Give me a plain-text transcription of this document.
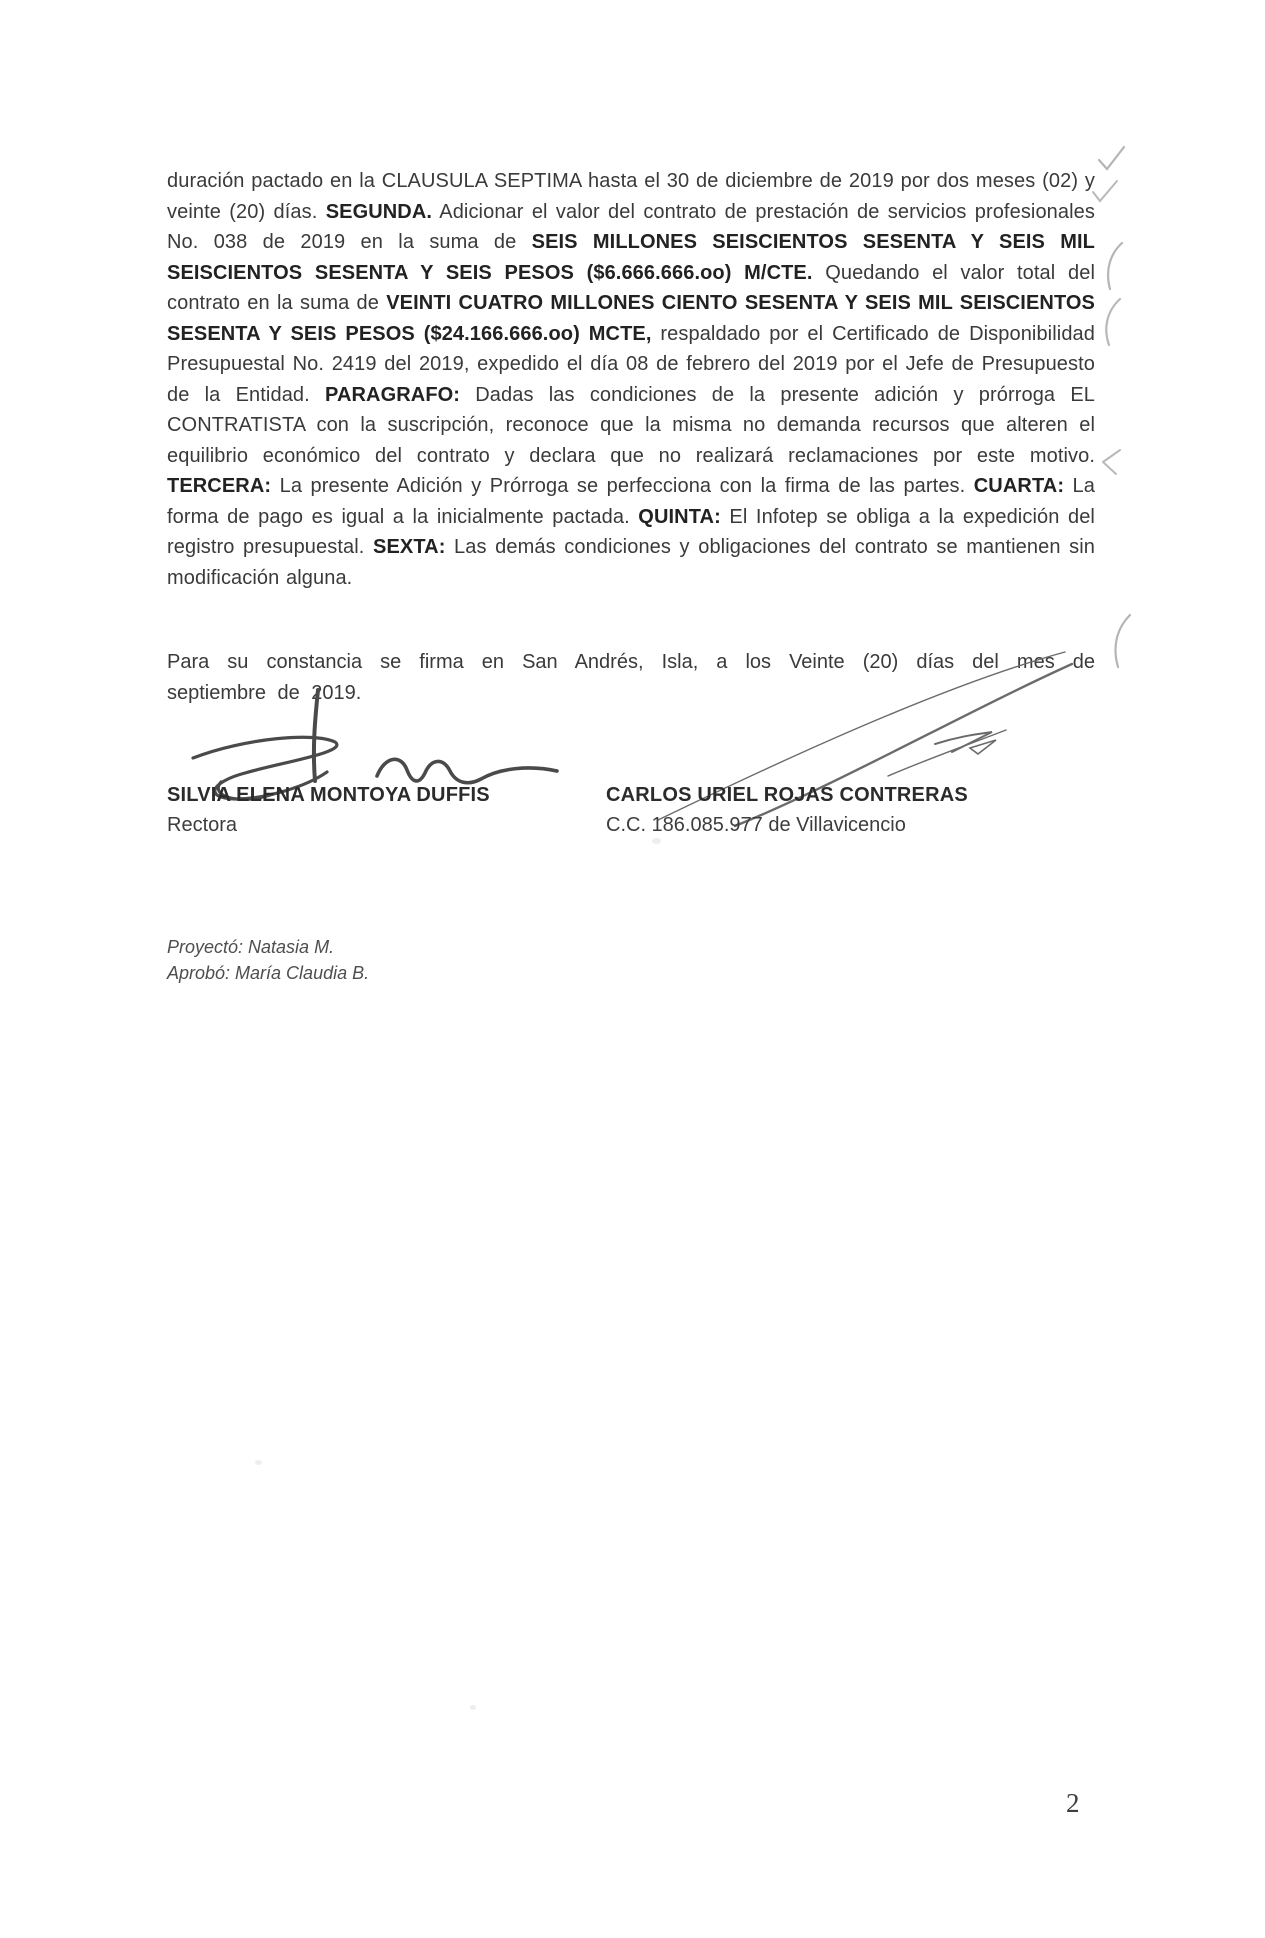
duración pactado en la CLAUSULA SEPTIMA hasta el 30 de diciembre de 2019 por dos meses (02) y veinte (20) días. SEGUNDA. Adicionar el valor del contrato de prestación de servicios profesionales No. 038 de 2019 en la suma de SEIS MILLONES SEISCIENTOS SESENTA Y SEIS MIL SEISCIENTOS SESENTA Y SEIS PESOS ($6.666.666.oo) M/CTE. Quedando el valor total del contrato en la suma de VEINTI CUATRO MILLONES CIENTO SESENTA Y SEIS MIL SEISCIENTOS SESENTA Y SEIS PESOS ($24.166.666.oo) MCTE, respaldado por el Certificado de Disponibilidad Presupuestal No. 2419 del 2019, expedido el día 08 de febrero del 2019 por el Jefe de Presupuesto de la Entidad. PARAGRAFO: Dadas las condiciones de la presente adición y prórroga EL CONTRATISTA con la suscripción, reconoce que la misma no demanda recursos que alteren el equilibrio económico del contrato y declara que no realizará reclamaciones por este motivo. TERCERA: La presente Adición y Prórroga se perfecciona con la firma de las partes. CUARTA: La forma de pago es igual a la inicialmente pactada. QUINTA: El Infotep se obliga a la expedición del registro presupuestal. SEXTA: Las demás condiciones y obligaciones del contrato se mantienen sin modificación alguna.

Para su constancia se firma en San Andrés, Isla, a los Veinte (20) días del mes de septiembre de 2019.

SILVIA ELENA MONTOYA DUFFIS
Rectora
CARLOS URIEL ROJAS CONTRERAS
C.C. 186.085.977 de Villavicencio
Proyectó: Natasia M.
Aprobó: María Claudia B.
2
